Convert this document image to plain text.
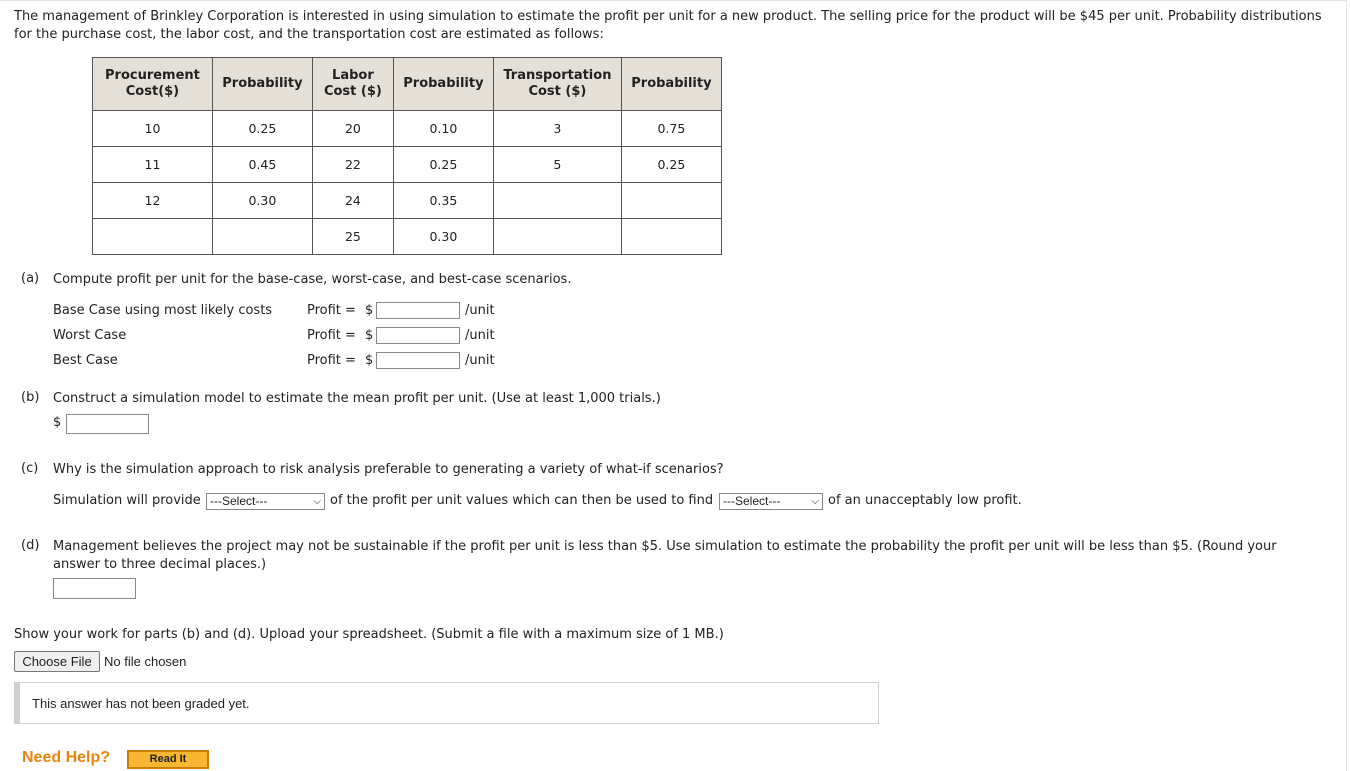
The management of Brinkley Corporation is interested in using simulation to estimate the profit per unit for a new product. The selling price for the product will be $45 per unit. Probability distributions for the purchase cost, the labor cost, and the transportation cost are estimated as follows:
Procurement Cost($)	Probability	Labor Cost ($)	Probability	Transportation Cost ($)	Probability
10	0.25	20	0.10	3	0.75
11	0.45	22	0.25	5	0.25
12	0.30	24	0.35		
		25	0.30		
(a) Compute profit per unit for the base-case, worst-case, and best-case scenarios.
Base Case using most likely costs	Profit = $	/unit
Worst Case	Profit = $	/unit
Best Case	Profit = $	/unit
(b) Construct a simulation model to estimate the mean profit per unit. (Use at least 1,000 trials.)
$
(c) Why is the simulation approach to risk analysis preferable to generating a variety of what-if scenarios?
Simulation will provide ---Select---	⌵ of the profit per unit values which can then be used to find ---Select---	⌵ of an unacceptably low profit.
(d) Management believes the project may not be sustainable if the profit per unit is less than $5. Use simulation to estimate the probability the profit per unit will be less than $5. (Round your answer to three decimal places.)
Show your work for parts (b) and (d). Upload your spreadsheet. (Submit a file with a maximum size of 1 MB.)
Choose File No file chosen
This answer has not been graded yet.
Need Help?	Read It
